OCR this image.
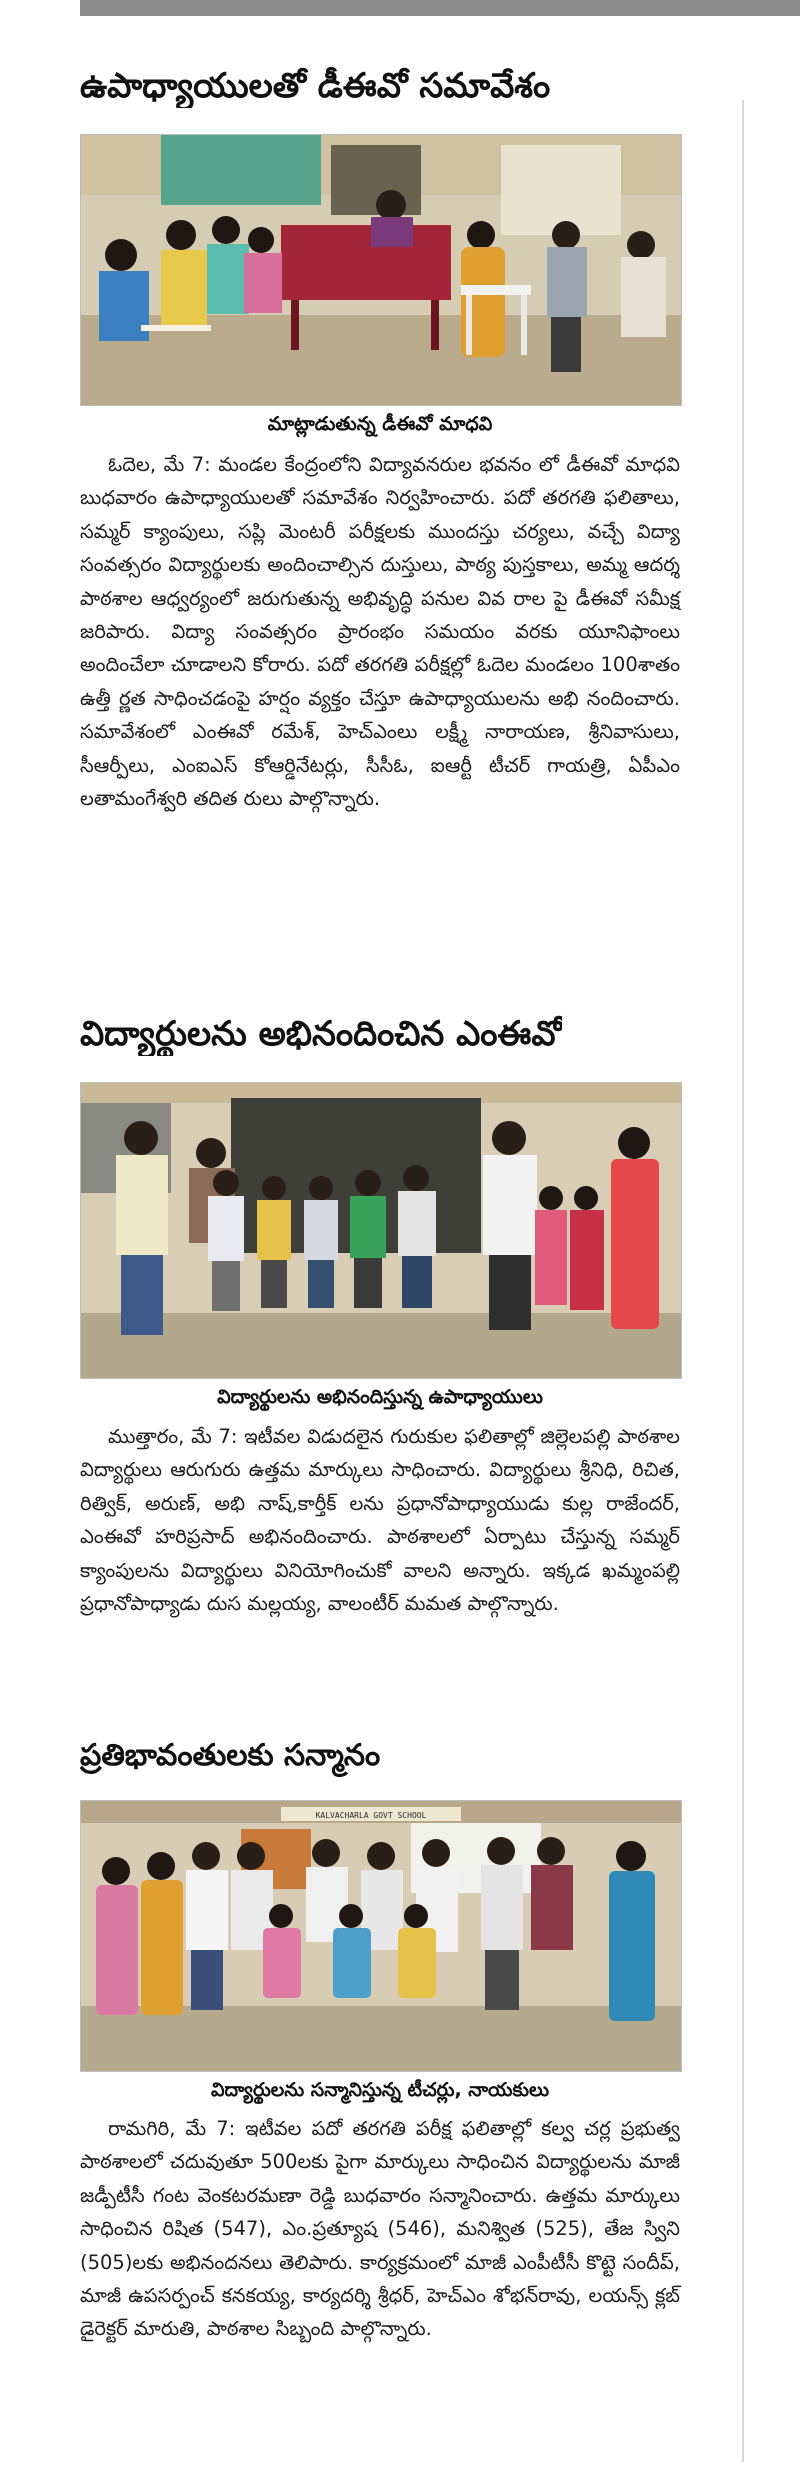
ఉపాధ్యాయులతో డీఈవో సమావేశం
మాట్లాడుతున్న డీఈవో మాధవి

ఓదెల, మే 7: మండల కేంద్రంలోని విద్యావనరుల భవనం లో డీఈవో మాధవి బుధవారం ఉపాధ్యాయులతో సమావేశం నిర్వహించారు. పదో తరగతి ఫలితాలు, సమ్మర్ క్యాంపులు, సప్లి మెంటరీ పరీక్షలకు ముందస్తు చర్యలు, వచ్చే విద్యా సంవత్సరం విద్యార్థులకు అందించాల్సిన దుస్తులు, పాఠ్య పుస్తకాలు, అమ్మ ఆదర్శ పాఠశాల ఆధ్వర్యంలో జరుగుతున్న అభివృద్ధి పనుల వివ రాల పై డీఈవో సమీక్ష జరిపారు. విద్యా సంవత్సరం ప్రారంభం సమయం వరకు యూనిఫాంలు అందించేలా చూడాలని కోరారు. పదో తరగతి పరీక్షల్లో ఓదెల మండలం 100శాతం ఉత్తీ ర్ణత సాధించడంపై హర్షం వ్యక్తం చేస్తూ ఉపాధ్యాయులను అభి నందించారు. సమావేశంలో ఎంఈవో రమేశ్, హెచ్ఎంలు లక్ష్మీ నారాయణ, శ్రీనివాసులు, సీఆర్పీలు, ఎంఐఎస్ కోఆర్డినేటర్లు, సీసీఓ, ఐఆర్టీ టీచర్ గాయత్రి, ఏపీఎం లతామంగేశ్వరి తదిత రులు పాల్గొన్నారు.

విద్యార్థులను అభినందించిన ఎంఈవో
విద్యార్థులను అభినందిస్తున్న ఉపాధ్యాయులు

ముత్తారం, మే 7: ఇటీవల విడుదలైన గురుకుల ఫలితాల్లో జిల్లెలపల్లి పాఠశాల విద్యార్థులు ఆరుగురు ఉత్తమ మార్కులు సాధించారు. విద్యార్థులు శ్రీనిధి, రిచిత, రిత్విక్, అరుణ్, అభి నాష్,కార్తీక్ లను ప్రధానోపాధ్యాయుడు కుల్ల రాజేందర్, ఎంఈవో హరిప్రసాద్ అభినందించారు. పాఠశాలలో ఏర్పాటు చేస్తున్న సమ్మర్ క్యాంపులను విద్యార్థులు వినియోగించుకో వాలని అన్నారు. ఇక్కడ ఖమ్మంపల్లి ప్రధానోపాధ్యాడు దుస మల్లయ్య, వాలంటీర్ మమత పాల్గొన్నారు.

ప్రతిభావంతులకు సన్మానం
KALVACHARLA GOVT SCHOOL
విద్యార్థులను సన్మానిస్తున్న టీచర్లు, నాయకులు

రామగిరి, మే 7: ఇటీవల పదో తరగతి పరీక్ష ఫలితాల్లో కల్వ చర్ల ప్రభుత్వ పాఠశాలలో చదువుతూ 500లకు పైగా మార్కులు సాధించిన విద్యార్థులను మాజీ జడ్పీటీసీ గంట వెంకటరమణా రెడ్డి బుధవారం సన్మానించారు. ఉత్తమ మార్కులు సాధించిన రిషిత (547), ఎం.ప్రత్యూష (546), మనిశ్విత (525), తేజ స్విని (505)లకు అభినందనలు తెలిపారు. కార్యక్రమంలో మాజీ ఎంపీటీసీ కొట్టె సందీప్, మాజీ ఉపసర్పంచ్ కనకయ్య, కార్యదర్శి శ్రీధర్, హెచ్ఎం శోభన్‌రావు, లయన్స్ క్లబ్ డైరెక్టర్ మారుతి, పాఠశాల సిబ్బంది పాల్గొన్నారు.
